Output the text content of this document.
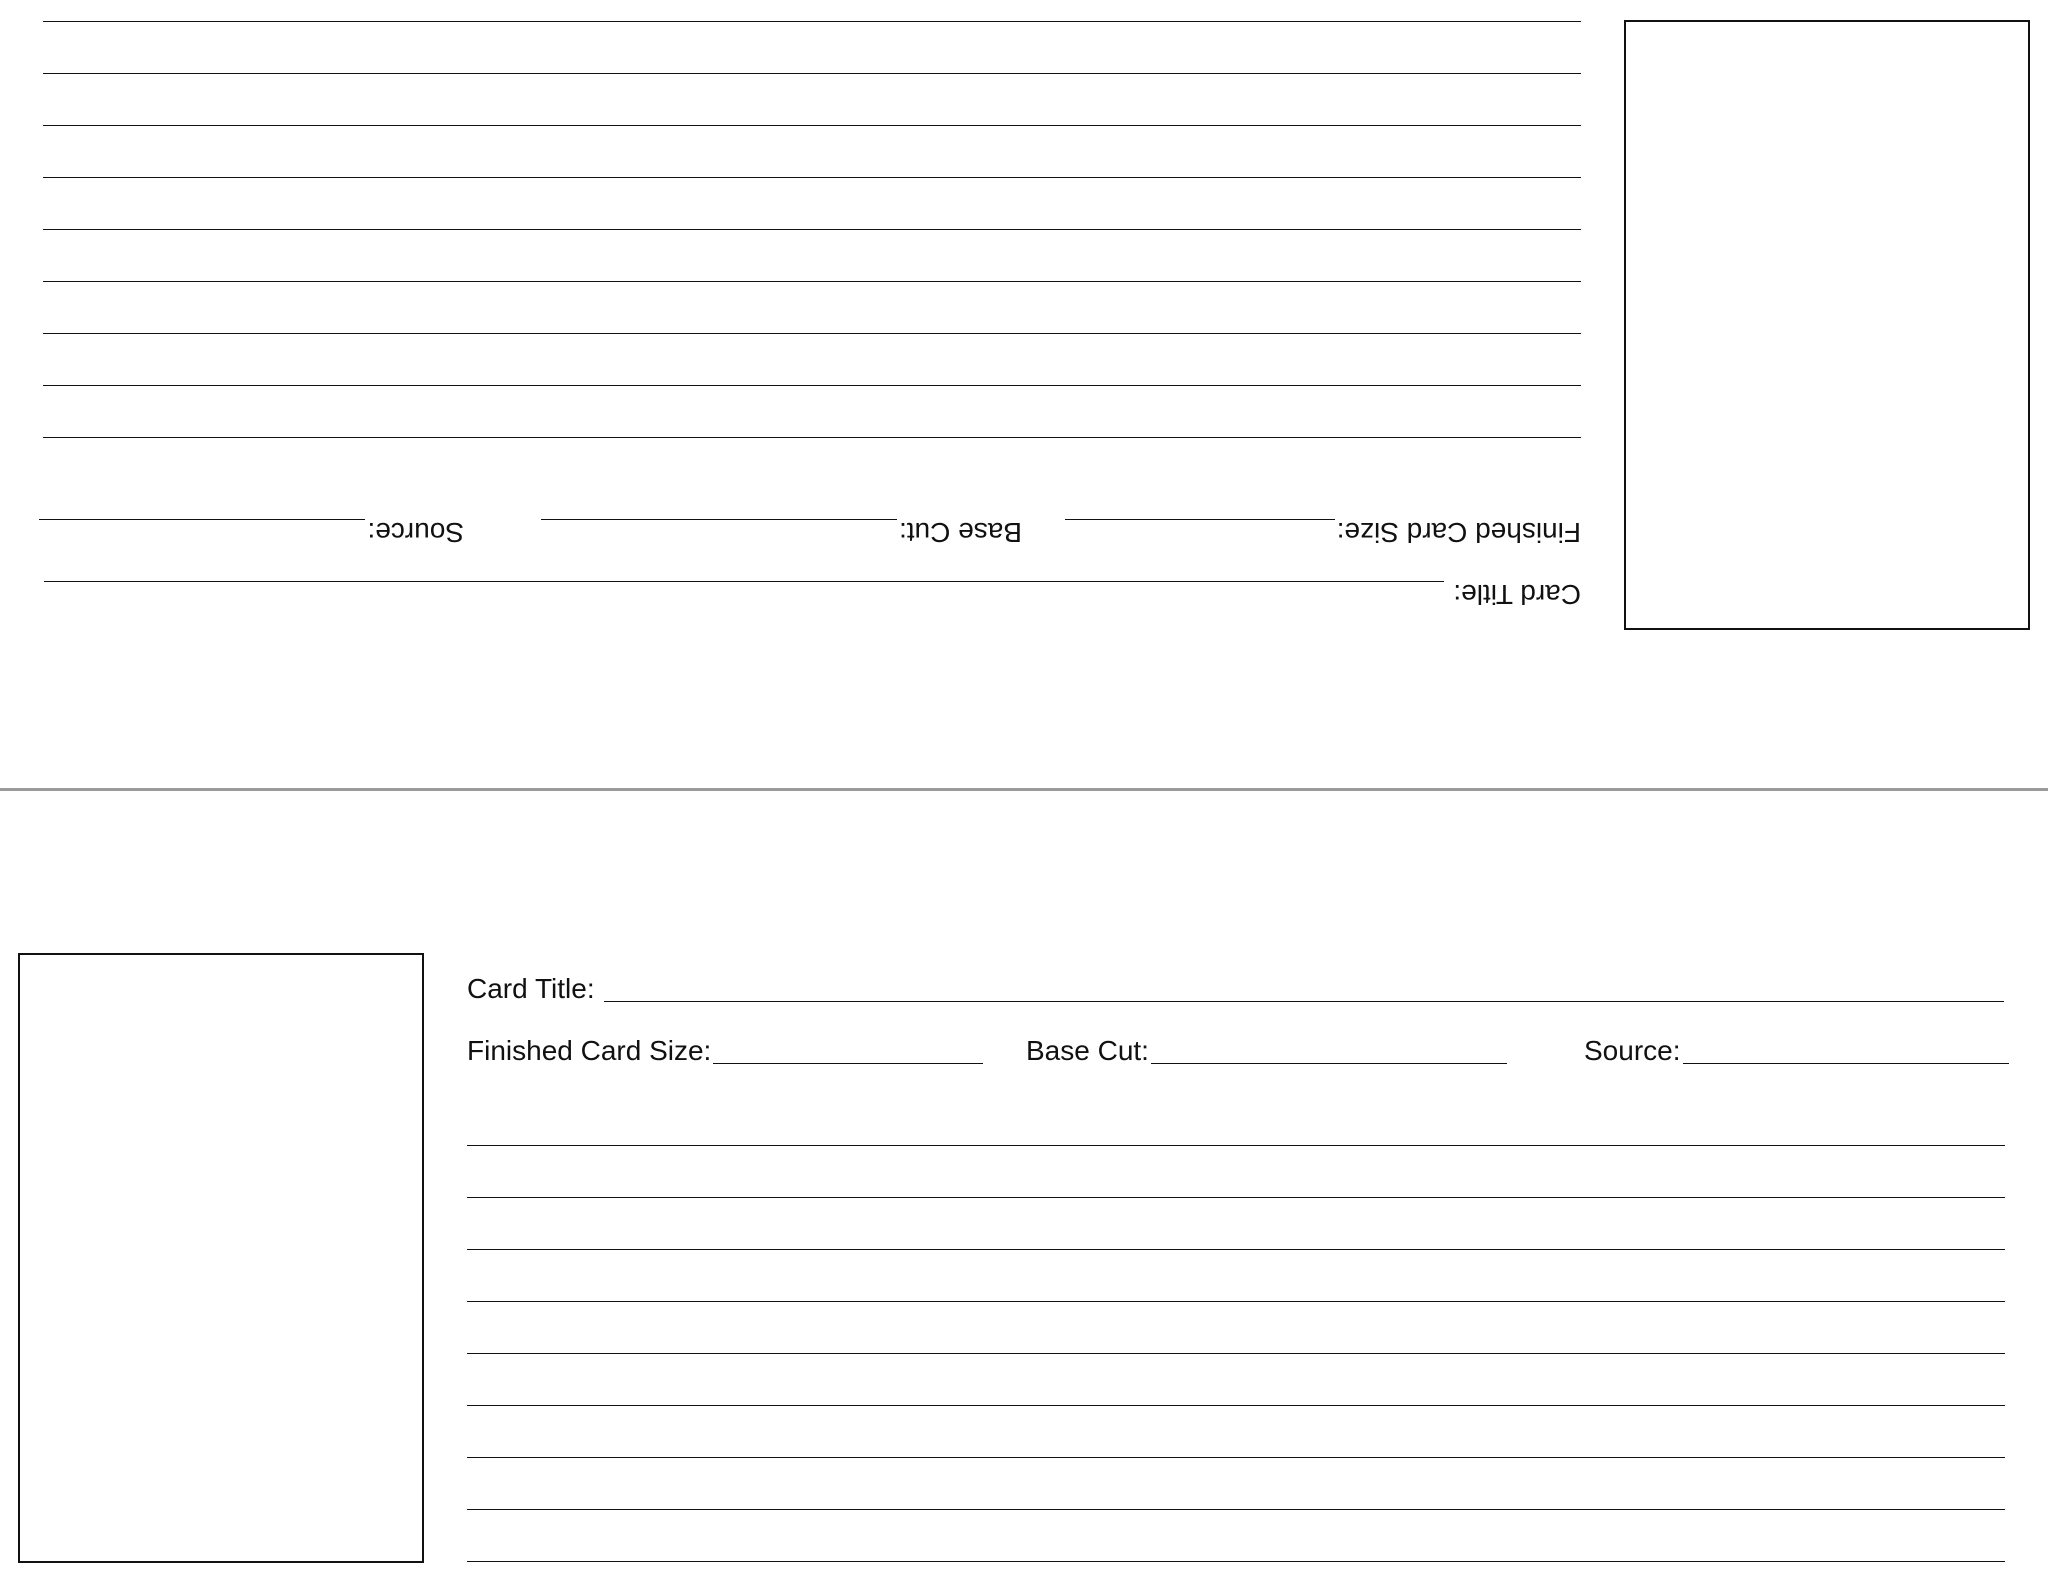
Card Title:
Finished Card Size:
Base Cut:
Source:
Card Title:
Finished Card Size:	Base Cut:	Source:
